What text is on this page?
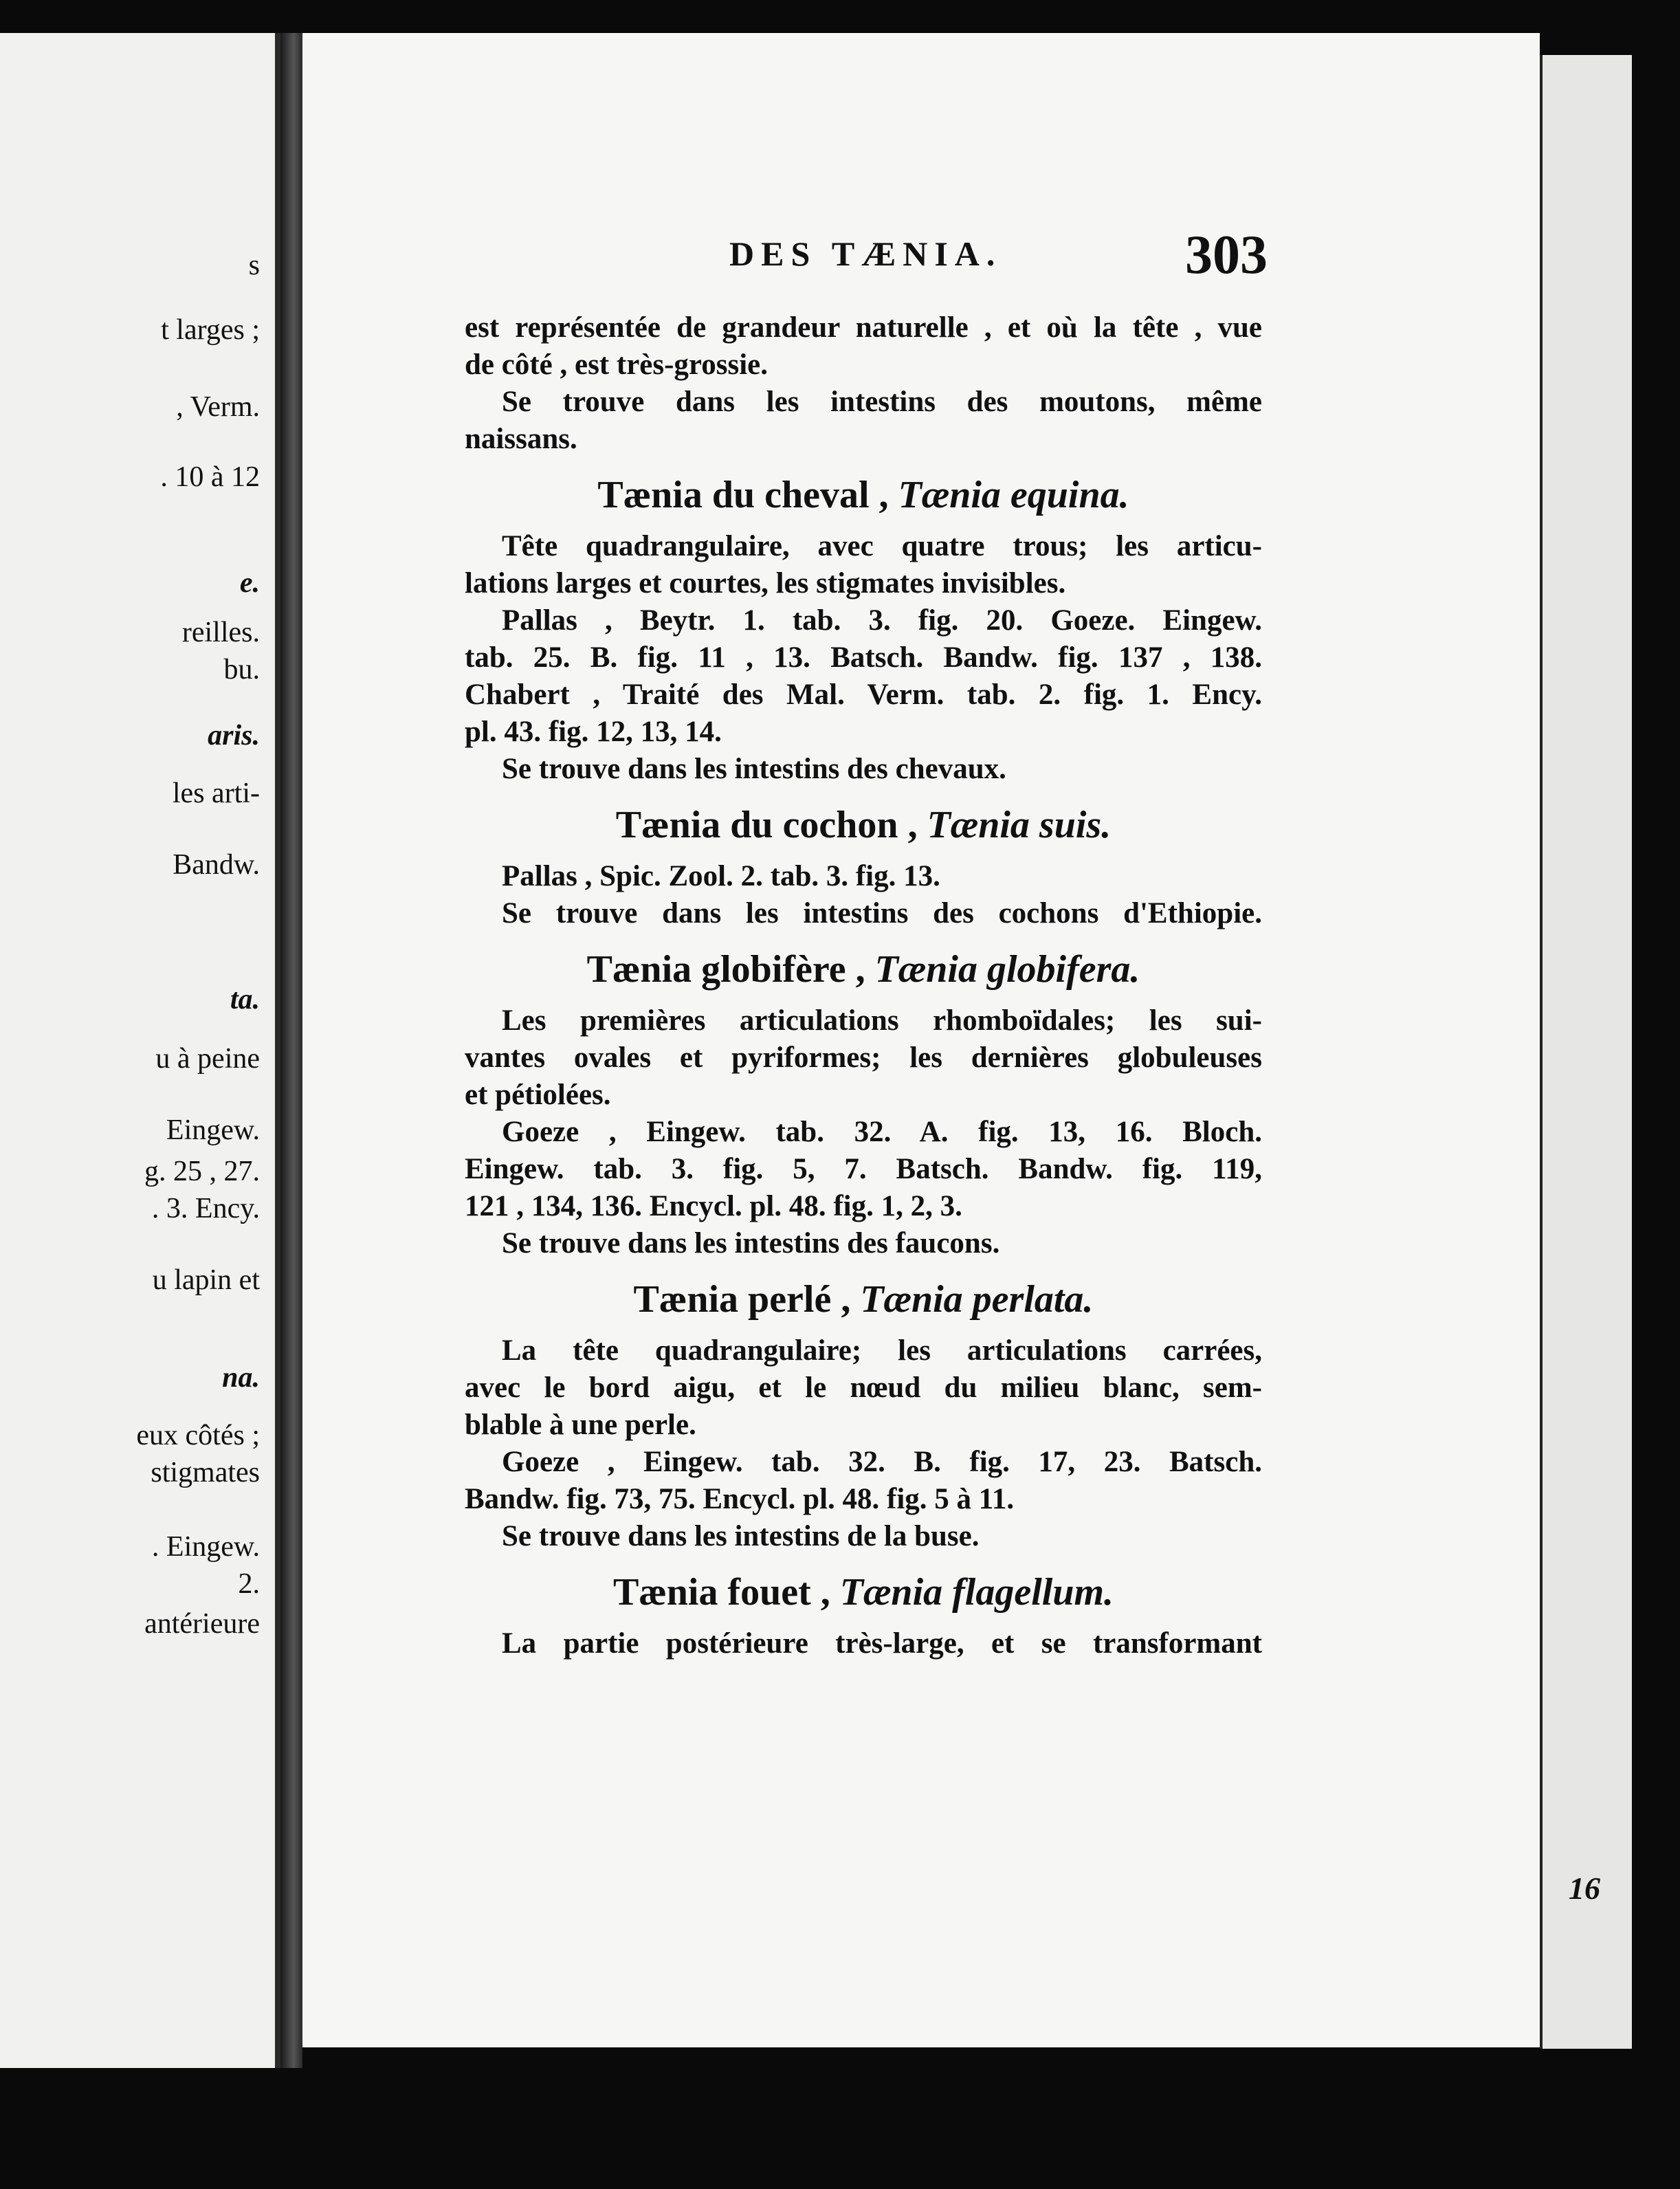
s
t larges ;
, Verm.
. 10 à 12
e.
reilles.
bu.
aris.
les arti-
Bandw.
ta.
u à peine
Eingew.
g. 25 , 27.
. 3. Ency.
u lapin et
na.
eux côtés ;
stigmates
. Eingew.
2.
antérieure
16
DES TÆNIA.	303
est représentée de grandeur naturelle , et où la tête , vue
de côté , est très-grossie.
Se trouve dans les intestins des moutons, même
naissans.
Tænia du cheval , Tænia equina.
Tête quadrangulaire, avec quatre trous; les articu-
lations larges et courtes, les stigmates invisibles.
Pallas , Beytr. 1. tab. 3. fig. 20. Goeze. Eingew.
tab. 25. B. fig. 11 , 13. Batsch. Bandw. fig. 137 , 138.
Chabert , Traité des Mal. Verm. tab. 2. fig. 1. Ency.
pl. 43. fig. 12, 13, 14.
Se trouve dans les intestins des chevaux.
Tænia du cochon , Tænia suis.
Pallas , Spic. Zool. 2. tab. 3. fig. 13.
Se trouve dans les intestins des cochons d'Ethiopie.
Tænia globifère , Tænia globifera.
Les premières articulations rhomboïdales; les sui-
vantes ovales et pyriformes; les dernières globuleuses
et pétiolées.
Goeze , Eingew. tab. 32. A. fig. 13, 16. Bloch.
Eingew. tab. 3. fig. 5, 7. Batsch. Bandw. fig. 119,
121 , 134, 136. Encycl. pl. 48. fig. 1, 2, 3.
Se trouve dans les intestins des faucons.
Tænia perlé , Tænia perlata.
La tête quadrangulaire; les articulations carrées,
avec le bord aigu, et le nœud du milieu blanc, sem-
blable à une perle.
Goeze , Eingew. tab. 32. B. fig. 17, 23. Batsch.
Bandw. fig. 73, 75. Encycl. pl. 48. fig. 5 à 11.
Se trouve dans les intestins de la buse.
Tænia fouet , Tænia flagellum.
La partie postérieure très-large, et se transformant
